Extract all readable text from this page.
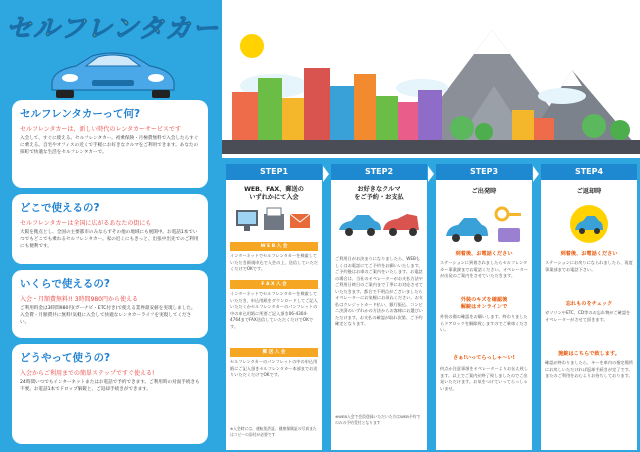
セルフレンタカー
セルフレンタカーって何?
セルフレンタカーは、新しい時代のレンタカーサービスです

入会して、すぐに使える。セルフレンタカー。初乗保険・月極費無料で入会したらすぐに乗える。自宅やオフィスの近くで手軽にお好きなクルマをご利用できます。あなたの探町で快適な生活をセルフレンタカーで。

どこで使えるの?
セルフレンタカーは全国に広がるあなたの街にも

大阪を拠点とし、全国の主要都市のみならずその他の地域にも展開中。お電話1本でいつでもどこでも乗れるセルフレンタカー。家の近くにもきっと、出張中出先でのご利用にも便利です。

いくらで使えるの?
入会・月額費無料!! 3時間980円から使える

ご利用料金は3時間980円(ガーナビ・ETC付き)で使える業界最安値を実現しました。入会費・月額費共に無料!気軽に入会して快適なレンタカーライフを実現してください。

どうやって使うの?
入会からご利用までの簡単ステップですぐ使える!

24時間いつでもインターネットまたはお電話で予約できます。ご利用時の対面手続きも不要。お電話1本でドロップ解錠と、ご返却手続きができます。

STEP1
WEB、FAX、郵送の
いずれかにて入会
W E B 入 会
インターネットでセルフレンタカーを検索していただき新規申込で入会の上、送信していただくだけでOKです。
F A X 入 会
インターネットでセルフレンタカーを検索していただき、申込用紙をダウンロードしてご記入いただくかセルフレンタカーのパンフレットの中の申込用紙に所要ご記入頂き06-4304-4764までFAX送信していただくだけでOKです。
郵 送 入 会
セルフレンタカーのパンフレットの中の申込用紙にご記入頂きセルフレンタカー本部までお送りいただくだけでOKです。
※入会時には、運転免許証、健康保険証の写真またはコピーの添付が必要です
STEP2
お好きなクルマ
をご予約・お支払
ご利用日がお決まりになりましたら、WEBもしくはお電話にてご予約をお願いいたします。ご予約後はお車のご案内をいたします。お電話の場合は、当社のオペレーターがお支払方法やご利用日時日のご案内まで丁寧にお対応させていただきます。都合で不明点がございましたらオペレーターにお気軽にお尋ねください。お支払はクレジットカード払い、銀行振込、コンビニ決済のいずれかの方法からお客様にお選びいただけます。お支払の確認が取れ次第、ご予約確定となります。
※WEB入会で会員登録いただいた方はWEB予約でのみの予約受付となります
STEP3
ご出発時
到着後、お電話ください
ステーションに到着されましたらセルフレンタカー事業課までお電話ください。オペレーターが出発のご案内をさせていただきます。
外装のキズを確認後
解錠はオンラインで
外装の傷の確認をお願いします。終わりましたらドアロックを解除致しますのでご乗車ください。
さぁ!いってらっしゃ〜い!
何点か注意事項をオペレーターよりお伝え致します。以上でご案内が終了致しましたのでご出発いただけます。お気をつけていってらっしゃいませ。
STEP4
ご返却時
到着後、お電話ください
ステーションにお戻りになられましたら、再度事業部までお電話下さい。
忘れものをチェック
ガソリンやETC、CD等のお忘れ物がご確認をオペレーターがさせて頂きます。
施錠はこちらで致します。
確認が終わりましたら、キーを車内の指定場所にお戻しいただければ返却手続きが完了です。またのご利用をお心よりお待ちしております。
